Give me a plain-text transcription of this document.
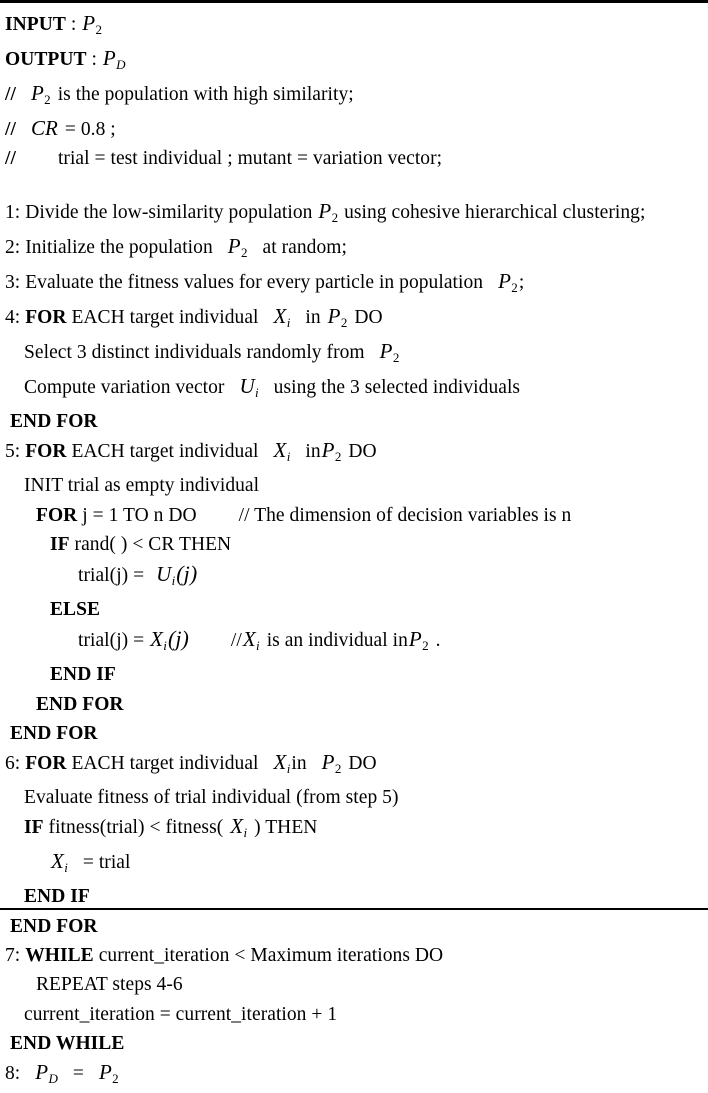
INPUT : $P_2$
OUTPUT : $P_D$
// $P_2$ is the population with high similarity;
// CR = 0.8 ;
// trial = test individual ; mutant = variation vector;
1: Divide the low-similarity population $P_2$ using cohesive hierarchical clustering;
2: Initialize the population $P_2$ at random;
3: Evaluate the fitness values for every particle in population $P_2$;
4: FOR EACH target individual $X_i$ in $P_2$ DO
Select 3 distinct individuals randomly from $P_2$
Compute variation vector $U_i$ using the 3 selected individuals
END FOR
5: FOR EACH target individual $X_i$ inP$_2$ DO
INIT trial as empty individual
FOR j = 1 TO n DO // The dimension of decision variables is n
IF rand( ) < CR THEN
trial(j) = $U_i(j)$
ELSE
trial(j) = $X_i(j)$ $//X_i$ is an individual inP$_2$ .
END IF
END FOR
END FOR
6: FOR EACH target individual $X_iin$ $P_2$ DO
Evaluate fitness of trial individual (from step 5)
IF fitness(trial) < fitness( $X_i$ ) THEN
$X_i$ = trial
END IF
END FOR
7: WHILE current_iteration < Maximum iterations DO
REPEAT steps 4-6
current_iteration = current_iteration + 1
END WHILE
8: $P_D = P_2$
